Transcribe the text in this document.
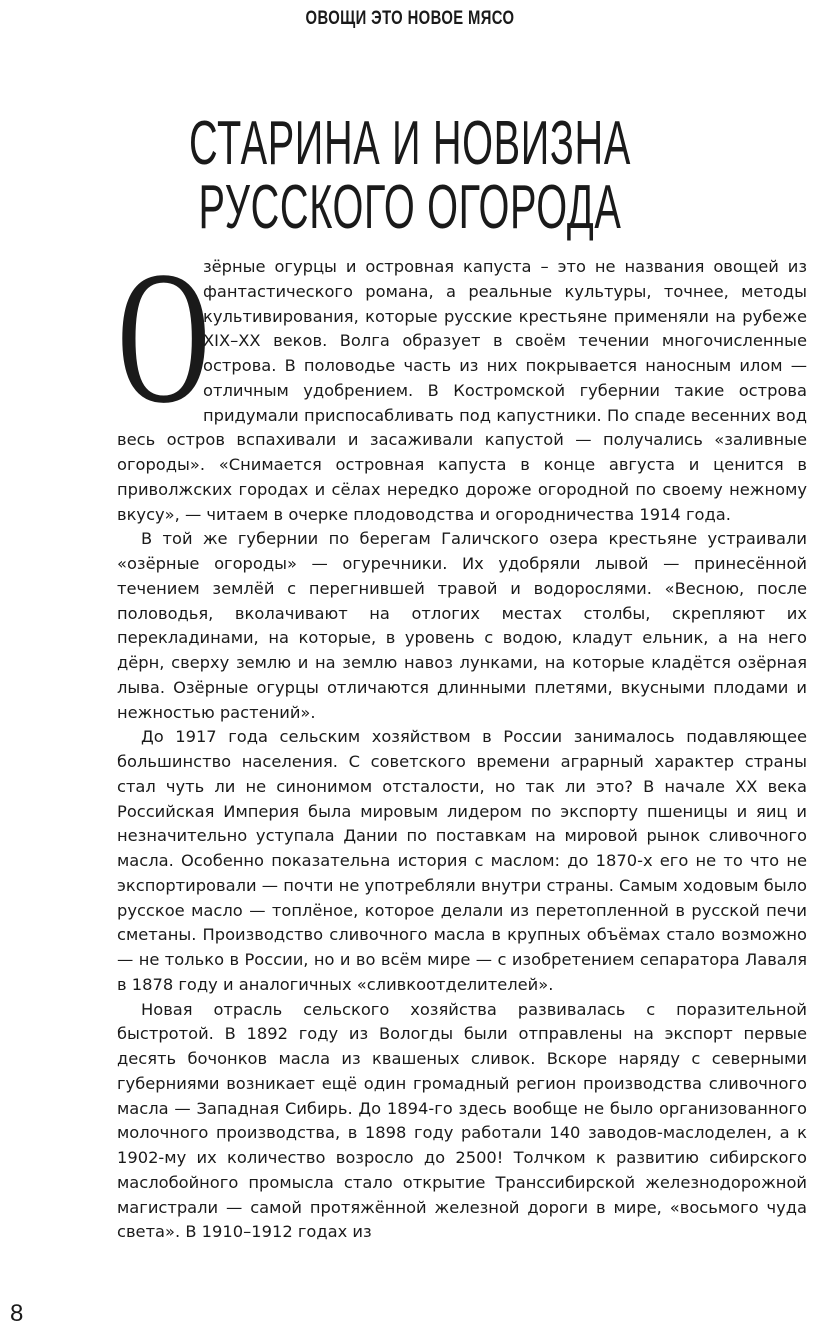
ОВОЩИ ЭТО НОВОЕ МЯСО
СТАРИНА И НОВИЗНА
РУССКОГО ОГОРОДА

О
зёрные огурцы и островная капуста – это не названия овощей из фантастического романа, а реальные культуры, точнее, методы культивирования, которые русские крестьяне применяли на рубеже XIX–XX веков. Волга образует в своём течении многочисленные острова. В половодье часть из них покрывается наносным илом — отличным удобрением. В Костромской губернии такие острова придумали приспосабливать под капустники. По спаде весенних вод весь остров вспахивали и засаживали капустой — получались «заливные огороды». «Снимается островная капуста в конце августа и ценится в приволжских городах и сёлах нередко дороже огородной по своему нежному вкусу», — читаем в очерке плодоводства и огородничества 1914 года.

В той же губернии по берегам Галичского озера крестьяне устраивали «озёрные огороды» — огуречники. Их удобряли лывой — принесённой течением землёй с перегнившей травой и водорослями. «Весною, после половодья, вколачивают на отлогих местах столбы, скрепляют их перекладинами, на которые, в уровень с водою, кладут ельник, а на него дёрн, сверху землю и на землю навоз лунками, на которые кладётся озёрная лыва. Озёрные огурцы отличаются длинными плетями, вкусными плодами и нежностью растений».

До 1917 года сельским хозяйством в России занималось подавляющее большинство населения. С советского времени аграрный характер страны стал чуть ли не синонимом отсталости, но так ли это? В начале XX века Российская Империя была мировым лидером по экспорту пшеницы и яиц и незначительно уступала Дании по поставкам на мировой рынок сливочного масла. Особенно показательна история с маслом: до 1870-х его не то что не экспортировали — почти не употребляли внутри страны. Самым ходовым было русское масло — топлёное, которое делали из перетопленной в русской печи сметаны. Производство сливочного масла в крупных объёмах стало возможно — не только в России, но и во всём мире — с изобретением сепаратора Лаваля в 1878 году и аналогичных «сливкоотделителей».

Новая отрасль сельского хозяйства развивалась с поразительной быстротой. В 1892 году из Вологды были отправлены на экспорт первые десять бочонков масла из квашеных сливок. Вскоре наряду с северными губерниями возникает ещё один громадный регион производства сливочного масла — Западная Сибирь. До 1894-го здесь вообще не было организованного молочного производства, в 1898 году работали 140 заводов-маслоделен, а к 1902-му их количество возросло до 2500! Толчком к развитию сибирского маслобойного промысла стало открытие Транссибирской железнодорожной магистрали — самой протяжённой железной дороги в мире, «восьмого чуда света». В 1910–1912 годах из

8
